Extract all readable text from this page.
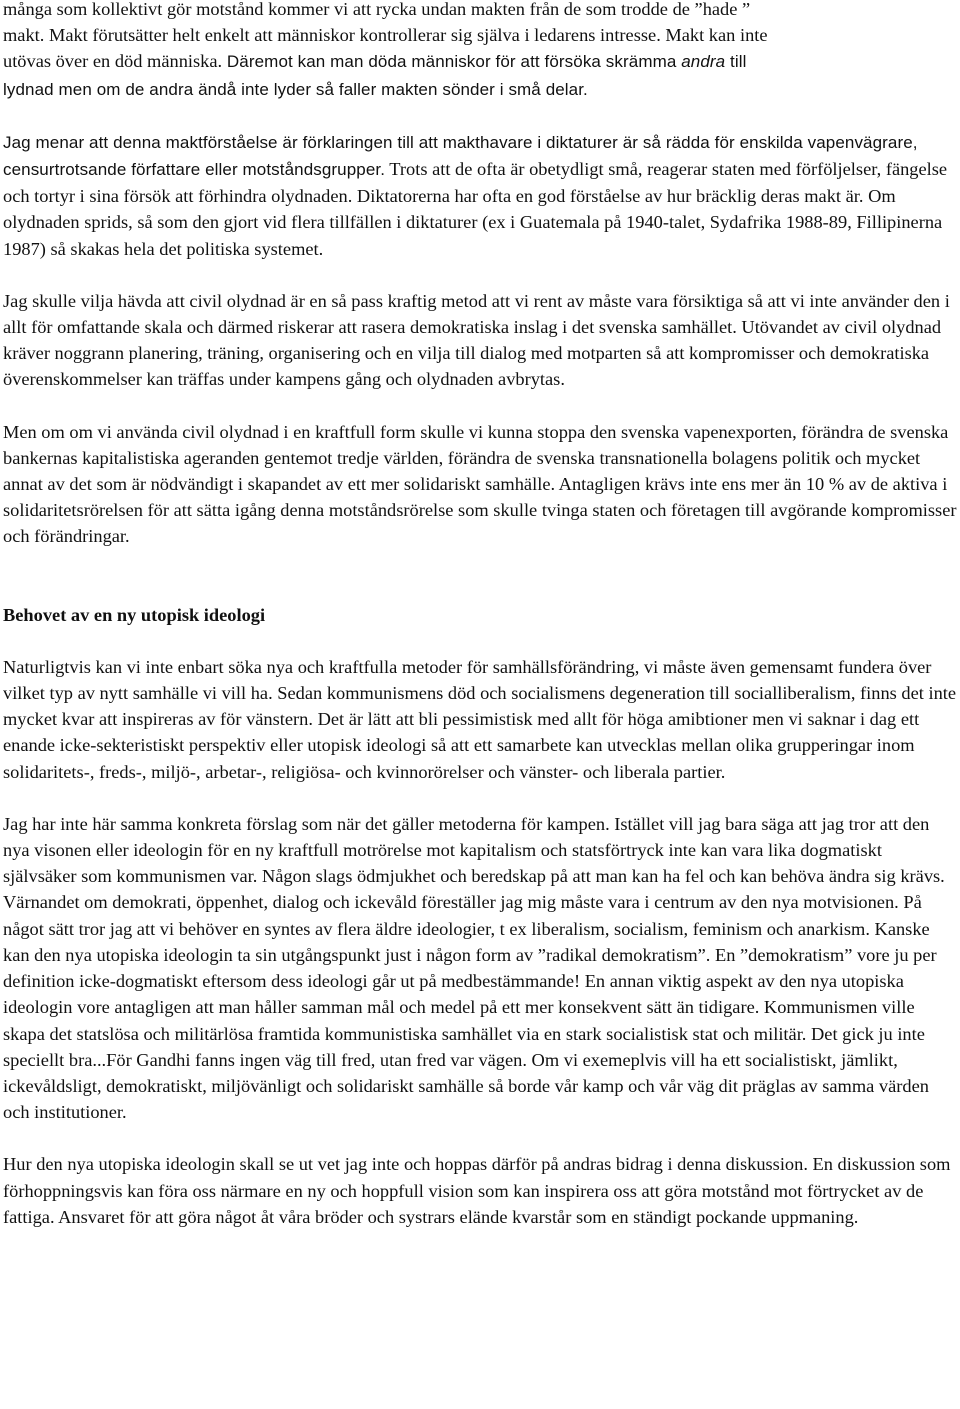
många som kollektivt gör motstånd kommer vi att rycka undan makten från de som trodde de ”hade ”
makt. Makt förutsätter helt enkelt att människor kontrollerar sig själva i ledarens intresse. Makt kan inte
utövas över en död människa. Däremot kan man döda människor för att försöka skrämma andra till
lydnad men om de andra ändå inte lyder så faller makten sönder i små delar.

Jag menar att denna maktförståelse är förklaringen till att makthavare i diktaturer är så rädda för enskilda vapenvägrare, censurtrotsande författare eller motståndsgrupper. Trots att de ofta är obetydligt små, reagerar staten med förföljelser, fängelse och tortyr i sina försök att förhindra olydnaden. Diktatorerna har ofta en god förståelse av hur bräcklig deras makt är. Om olydnaden sprids, så som den gjort vid flera tillfällen i diktaturer (ex i Guatemala på 1940-talet, Sydafrika 1988-89, Fillipinerna 1987) så skakas hela det politiska systemet.

Jag skulle vilja hävda att civil olydnad är en så pass kraftig metod att vi rent av måste vara försiktiga så att vi inte använder den i allt för omfattande skala och därmed riskerar att rasera demokratiska inslag i det svenska samhället. Utövandet av civil olydnad kräver noggrann planering, träning, organisering och en vilja till dialog med motparten så att kompromisser och demokratiska överenskommelser kan träffas under kampens gång och olydnaden avbrytas.

Men om om vi använda civil olydnad i en kraftfull form skulle vi kunna stoppa den svenska vapenexporten, förändra de svenska bankernas kapitalistiska ageranden gentemot tredje världen, förändra de svenska transnationella bolagens politik och mycket annat av det som är nödvändigt i skapandet av ett mer solidariskt samhälle. Antagligen krävs inte ens mer än 10 % av de aktiva i solidaritetsrörelsen för att sätta igång denna motståndsrörelse som skulle tvinga staten och företagen till avgörande kompromisser och förändringar.

Behovet av en ny utopisk ideologi

Naturligtvis kan vi inte enbart söka nya och kraftfulla metoder för samhällsförändring, vi måste även gemensamt fundera över vilket typ av nytt samhälle vi vill ha. Sedan kommunismens död och socialismens degeneration till socialliberalism, finns det inte mycket kvar att inspireras av för vänstern. Det är lätt att bli pessimistisk med allt för höga amibtioner men vi saknar i dag ett enande icke-sekteristiskt perspektiv eller utopisk ideologi så att ett samarbete kan utvecklas mellan olika grupperingar inom solidaritets-, freds-, miljö-, arbetar-, religiösa- och kvinnorörelser och vänster- och liberala partier.

Jag har inte här samma konkreta förslag som när det gäller metoderna för kampen. Istället vill jag bara säga att jag tror att den nya visonen eller ideologin för en ny kraftfull motrörelse mot kapitalism och statsförtryck inte kan vara lika dogmatiskt självsäker som kommunismen var. Någon slags ödmjukhet och beredskap på att man kan ha fel och kan behöva ändra sig krävs. Värnandet om demokrati, öppenhet, dialog och ickevåld föreställer jag mig måste vara i centrum av den nya motvisionen. På något sätt tror jag att vi behöver en syntes av flera äldre ideologier, t ex liberalism, socialism, feminism och anarkism. Kanske kan den nya utopiska ideologin ta sin utgångspunkt just i någon form av ”radikal demokratism”. En ”demokratism” vore ju per definition icke-dogmatiskt eftersom dess ideologi går ut på medbestämmande! En annan viktig aspekt av den nya utopiska ideologin vore antagligen att man håller samman mål och medel på ett mer konsekvent sätt än tidigare. Kommunismen ville skapa det statslösa och militärlösa framtida kommunistiska samhället via en stark socialistisk stat och militär. Det gick ju inte speciellt bra...För Gandhi fanns ingen väg till fred, utan fred var vägen. Om vi exemeplvis vill ha ett socialistiskt, jämlikt, ickevåldsligt, demokratiskt, miljövänligt och solidariskt samhälle så borde vår kamp och vår väg dit präglas av samma värden och institutioner.

Hur den nya utopiska ideologin skall se ut vet jag inte och hoppas därför på andras bidrag i denna diskussion. En diskussion som förhoppningsvis kan föra oss närmare en ny och hoppfull vision som kan inspirera oss att göra motstånd mot förtrycket av de fattiga. Ansvaret för att göra något åt våra bröder och systrars elände kvarstår som en ständigt pockande uppmaning.
